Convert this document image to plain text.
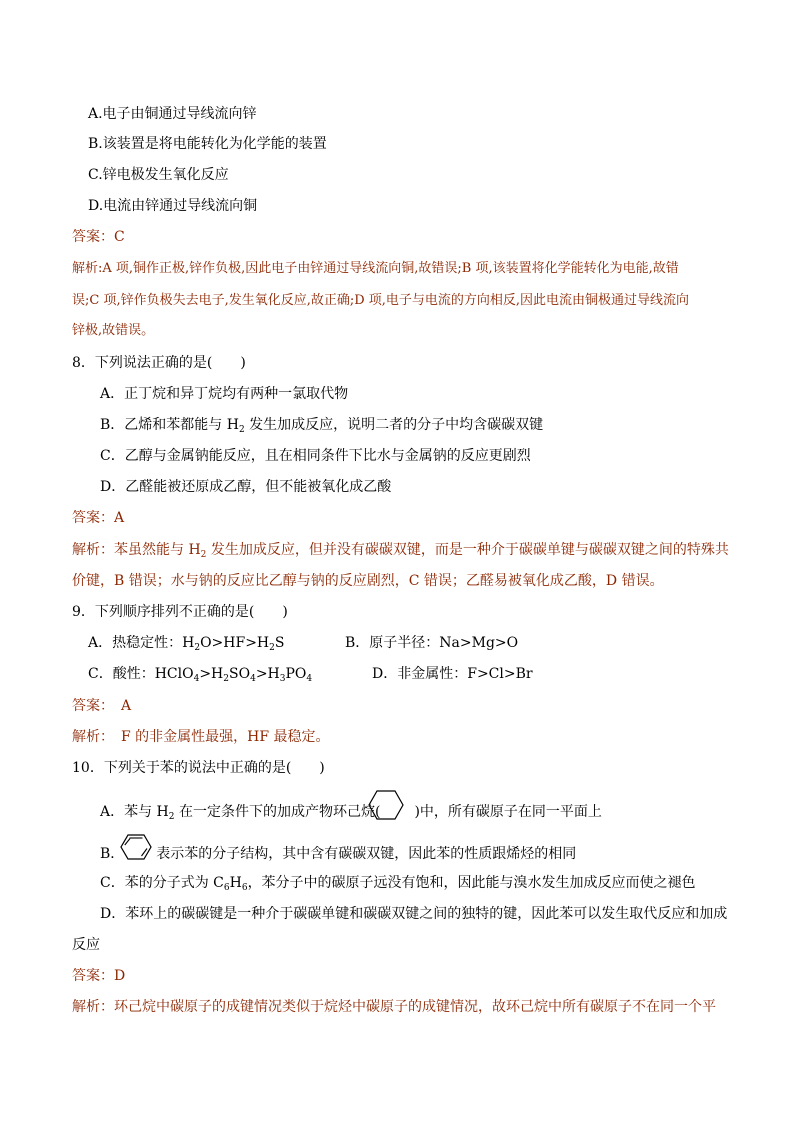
A.电子由铜通过导线流向锌
B.该装置是将电能转化为化学能的装置
C.锌电极发生氧化反应
D.电流由锌通过导线流向铜
答案：C
解析:A 项,铜作正极,锌作负极,因此电子由锌通过导线流向铜,故错误;B 项,该装置将化学能转化为电能,故错
误;C 项,锌作负极失去电子,发生氧化反应,故正确;D 项,电子与电流的方向相反,因此电流由铜极通过导线流向
锌极,故错误。
8．下列说法正确的是(　　)
A．正丁烷和异丁烷均有两种一氯取代物
B．乙烯和苯都能与 $H_2$ 发生加成反应，说明二者的分子中均含碳碳双键
C．乙醇与金属钠能反应，且在相同条件下比水与金属钠的反应更剧烈
D．乙醛能被还原成乙醇，但不能被氧化成乙酸
答案：A
解析：苯虽然能与 $H_2$ 发生加成反应，但并没有碳碳双键，而是一种介于碳碳单键与碳碳双键之间的特殊共
价键，B 错误；水与钠的反应比乙醇与钠的反应剧烈，C 错误；乙醛易被氧化成乙酸，D 错误。
9．下列顺序排列不正确的是(　　)
A．热稳定性：$H_2O>HF>H_2S$	B．原子半径：Na>Mg>O
C．酸性：$HClO_4>H_2SO_4>H_3PO_4$	D．非金属性：F>Cl>Br
答案：　A
解析：　F 的非金属性最强，HF 最稳定。
10．下列关于苯的说法中正确的是(　　)
A．苯与 $H_2$ 在一定条件下的加成产物环己烷( )中，所有碳原子在同一平面上
B． 表示苯的分子结构，其中含有碳碳双键，因此苯的性质跟烯烃的相同
C．苯的分子式为 $C_6H_6$，苯分子中的碳原子远没有饱和，因此能与溴水发生加成反应而使之褪色
D．苯环上的碳碳键是一种介于碳碳单键和碳碳双键之间的独特的键，因此苯可以发生取代反应和加成
反应
答案：D
解析：环己烷中碳原子的成键情况类似于烷烃中碳原子的成键情况，故环己烷中所有碳原子不在同一个平
